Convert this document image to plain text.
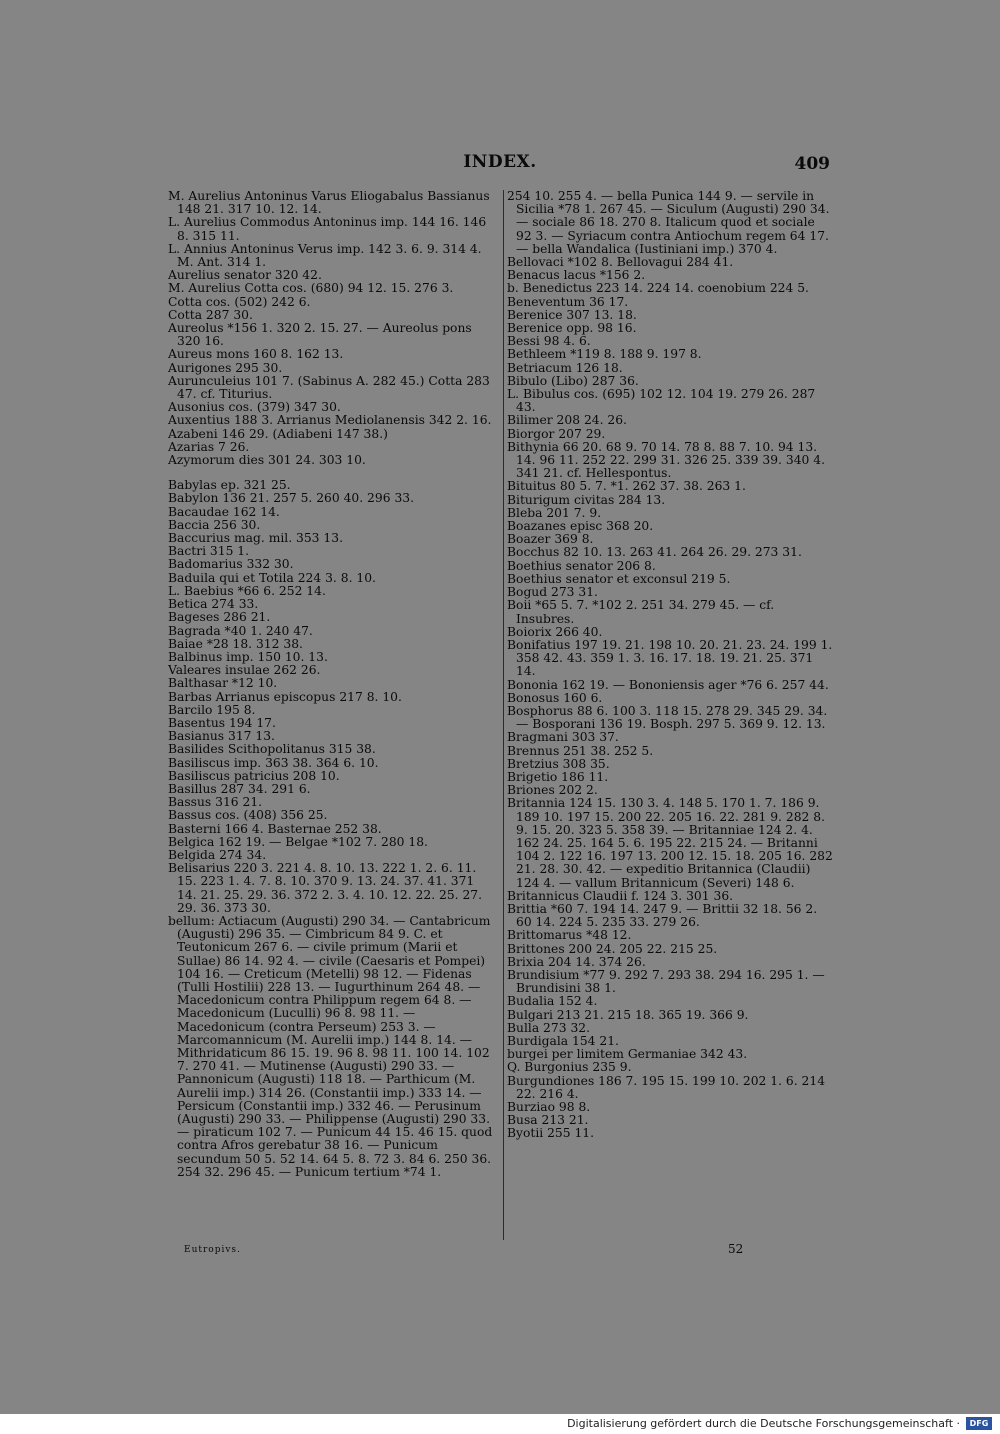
INDEX.	409
M. Aurelius Antoninus Varus Eliogabalus Bassianus 148 21. 317 10. 12. 14.
L. Aurelius Commodus Antoninus imp. 144 16. 146 8. 315 11.
L. Annius Antoninus Verus imp. 142 3. 6. 9. 314 4. M. Ant. 314 1.
Aurelius senator 320 42.
M. Aurelius Cotta cos. (680) 94 12. 15. 276 3.
Cotta cos. (502) 242 6.
Cotta 287 30.
Aureolus *156 1. 320 2. 15. 27. — Aureolus pons 320 16.
Aureus mons 160 8. 162 13.
Aurigones 295 30.
Aurunculeius 101 7. (Sabinus A. 282 45.) Cotta 283 47. cf. Titurius.
Ausonius cos. (379) 347 30.
Auxentius 188 3. Arrianus Mediolanensis 342 2. 16.
Azabeni 146 29. (Adiabeni 147 38.)
Azarias 7 26.
Azymorum dies 301 24. 303 10.
Babylas ep. 321 25.
Babylon 136 21. 257 5. 260 40. 296 33.
Bacaudae 162 14.
Baccia 256 30.
Baccurius mag. mil. 353 13.
Bactri 315 1.
Badomarius 332 30.
Baduila qui et Totila 224 3. 8. 10.
L. Baebius *66 6. 252 14.
Betica 274 33.
Bageses 286 21.
Bagrada *40 1. 240 47.
Baiae *28 18. 312 38.
Balbinus imp. 150 10. 13.
Valeares insulae 262 26.
Balthasar *12 10.
Barbas Arrianus episcopus 217 8. 10.
Barcilo 195 8.
Basentus 194 17.
Basianus 317 13.
Basilides Scithopolitanus 315 38.
Basiliscus imp. 363 38. 364 6. 10.
Basiliscus patricius 208 10.
Basillus 287 34. 291 6.
Bassus 316 21.
Bassus cos. (408) 356 25.
Basterni 166 4. Basternae 252 38.
Belgica 162 19. — Belgae *102 7. 280 18.
Belgida 274 34.
Belisarius 220 3. 221 4. 8. 10. 13. 222 1. 2. 6. 11. 15. 223 1. 4. 7. 8. 10. 370 9. 13. 24. 37. 41. 371 14. 21. 25. 29. 36. 372 2. 3. 4. 10. 12. 22. 25. 27. 29. 36. 373 30.
bellum: Actiacum (Augusti) 290 34. — Cantabricum (Augusti) 296 35. — Cimbricum 84 9. C. et Teutonicum 267 6. — civile primum (Marii et Sullae) 86 14. 92 4. — civile (Caesaris et Pompei) 104 16. — Creticum (Metelli) 98 12. — Fidenas (Tulli Hostilii) 228 13. — Iugurthinum 264 48. — Macedonicum contra Philippum regem 64 8. — Macedonicum (Luculli) 96 8. 98 11. — Macedonicum (contra Perseum) 253 3. — Marcomannicum (M. Aurelii imp.) 144 8. 14. — Mithridaticum 86 15. 19. 96 8. 98 11. 100 14. 102 7. 270 41. — Mutinense (Augusti) 290 33. — Pannonicum (Augusti) 118 18. — Parthicum (M. Aurelii imp.) 314 26. (Constantii imp.) 333 14. — Persicum (Constantii imp.) 332 46. — Perusinum (Augusti) 290 33. — Philippense (Augusti) 290 33. — piraticum 102 7. — Punicum 44 15. 46 15. quod contra Afros gerebatur 38 16. — Punicum secundum 50 5. 52 14. 64 5. 8. 72 3. 84 6. 250 36. 254 32. 296 45. — Punicum tertium *74 1.
254 10. 255 4. — bella Punica 144 9. — servile in Sicilia *78 1. 267 45. — Siculum (Augusti) 290 34. — sociale 86 18. 270 8. Italicum quod et sociale 92 3. — Syriacum contra Antiochum regem 64 17. — bella Wandalica (Iustiniani imp.) 370 4.
Bellovaci *102 8. Bellovagui 284 41.
Benacus lacus *156 2.
b. Benedictus 223 14. 224 14. coenobium 224 5.
Beneventum 36 17.
Berenice 307 13. 18.
Berenice opp. 98 16.
Bessi 98 4. 6.
Bethleem *119 8. 188 9. 197 8.
Betriacum 126 18.
Bibulo (Libo) 287 36.
L. Bibulus cos. (695) 102 12. 104 19. 279 26. 287 43.
Bilimer 208 24. 26.
Biorgor 207 29.
Bithynia 66 20. 68 9. 70 14. 78 8. 88 7. 10. 94 13. 14. 96 11. 252 22. 299 31. 326 25. 339 39. 340 4. 341 21. cf. Hellespontus.
Bituitus 80 5. 7. *1. 262 37. 38. 263 1.
Biturigum civitas 284 13.
Bleba 201 7. 9.
Boazanes episc 368 20.
Boazer 369 8.
Bocchus 82 10. 13. 263 41. 264 26. 29. 273 31.
Boethius senator 206 8.
Boethius senator et exconsul 219 5.
Bogud 273 31.
Boii *65 5. 7. *102 2. 251 34. 279 45. — cf. Insubres.
Boiorix 266 40.
Bonifatius 197 19. 21. 198 10. 20. 21. 23. 24. 199 1. 358 42. 43. 359 1. 3. 16. 17. 18. 19. 21. 25. 371 14.
Bononia 162 19. — Bononiensis ager *76 6. 257 44.
Bonosus 160 6.
Bosphorus 88 6. 100 3. 118 15. 278 29. 345 29. 34. — Bosporani 136 19. Bosph. 297 5. 369 9. 12. 13.
Bragmani 303 37.
Brennus 251 38. 252 5.
Bretzius 308 35.
Brigetio 186 11.
Briones 202 2.
Britannia 124 15. 130 3. 4. 148 5. 170 1. 7. 186 9. 189 10. 197 15. 200 22. 205 16. 22. 281 9. 282 8. 9. 15. 20. 323 5. 358 39. — Britanniae 124 2. 4. 162 24. 25. 164 5. 6. 195 22. 215 24. — Britanni 104 2. 122 16. 197 13. 200 12. 15. 18. 205 16. 282 21. 28. 30. 42. — expeditio Britannica (Claudii) 124 4. — vallum Britannicum (Severi) 148 6.
Britannicus Claudii f. 124 3. 301 36.
Brittia *60 7. 194 14. 247 9. — Brittii 32 18. 56 2. 60 14. 224 5. 235 33. 279 26.
Brittomarus *48 12.
Brittones 200 24. 205 22. 215 25.
Brixia 204 14. 374 26.
Brundisium *77 9. 292 7. 293 38. 294 16. 295 1. — Brundisini 38 1.
Budalia 152 4.
Bulgari 213 21. 215 18. 365 19. 366 9.
Bulla 273 32.
Burdigala 154 21.
burgei per limitem Germaniae 342 43.
Q. Burgonius 235 9.
Burgundiones 186 7. 195 15. 199 10. 202 1. 6. 214 22. 216 4.
Burziao 98 8.
Busa 213 21.
Byotii 255 11.
Eutropivs.	52
Digitalisierung gefördert durch die Deutsche Forschungsgemeinschaft ·	DFG
